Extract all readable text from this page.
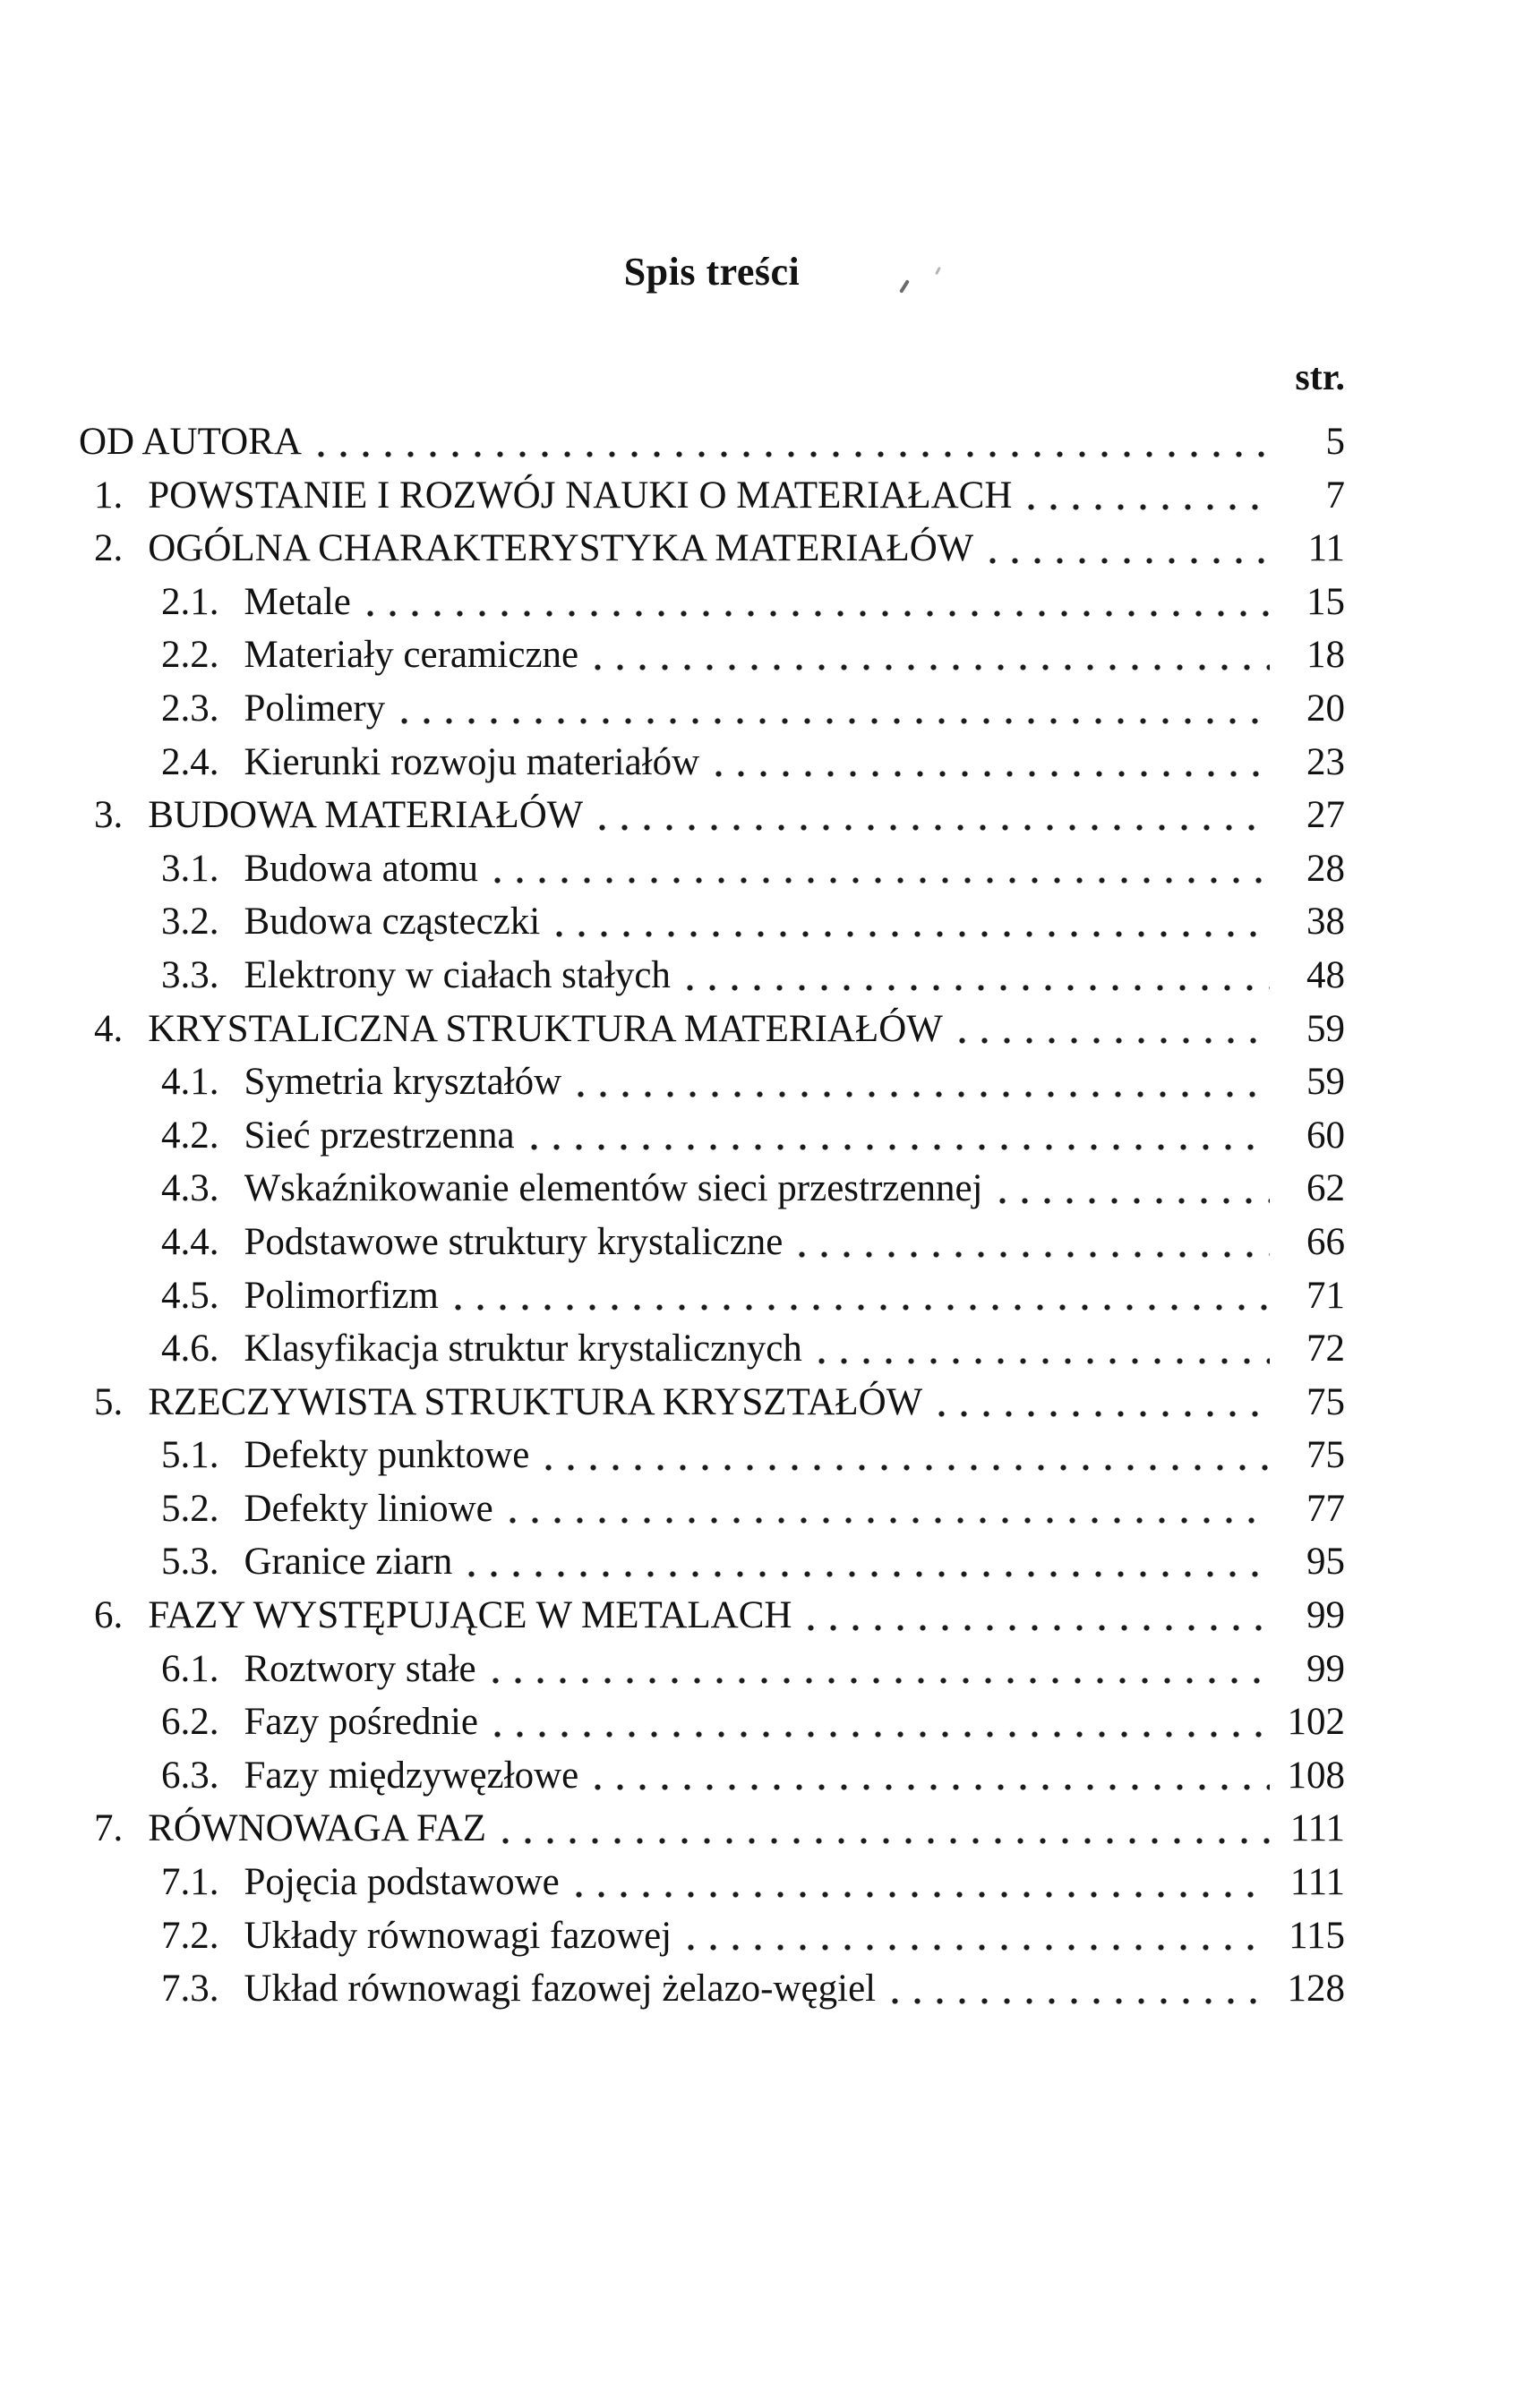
Spis treści
str.
OD AUTORA	5
1. POWSTANIE I ROZWÓJ NAUKI O MATERIAŁACH	7
2. OGÓLNA CHARAKTERYSTYKA MATERIAŁÓW	11
2.1. Metale	15
2.2. Materiały ceramiczne	18
2.3. Polimery	20
2.4. Kierunki rozwoju materiałów	23
3. BUDOWA MATERIAŁÓW	27
3.1. Budowa atomu	28
3.2. Budowa cząsteczki	38
3.3. Elektrony w ciałach stałych	48
4. KRYSTALICZNA STRUKTURA MATERIAŁÓW	59
4.1. Symetria kryształów	59
4.2. Sieć przestrzenna	60
4.3. Wskaźnikowanie elementów sieci przestrzennej	62
4.4. Podstawowe struktury krystaliczne	66
4.5. Polimorfizm	71
4.6. Klasyfikacja struktur krystalicznych	72
5. RZECZYWISTA STRUKTURA KRYSZTAŁÓW	75
5.1. Defekty punktowe	75
5.2. Defekty liniowe	77
5.3. Granice ziarn	95
6. FAZY WYSTĘPUJĄCE W METALACH	99
6.1. Roztwory stałe	99
6.2. Fazy pośrednie	102
6.3. Fazy międzywęzłowe	108
7. RÓWNOWAGA FAZ	111
7.1. Pojęcia podstawowe	111
7.2. Układy równowagi fazowej	115
7.3. Układ równowagi fazowej żelazo-węgiel	128
